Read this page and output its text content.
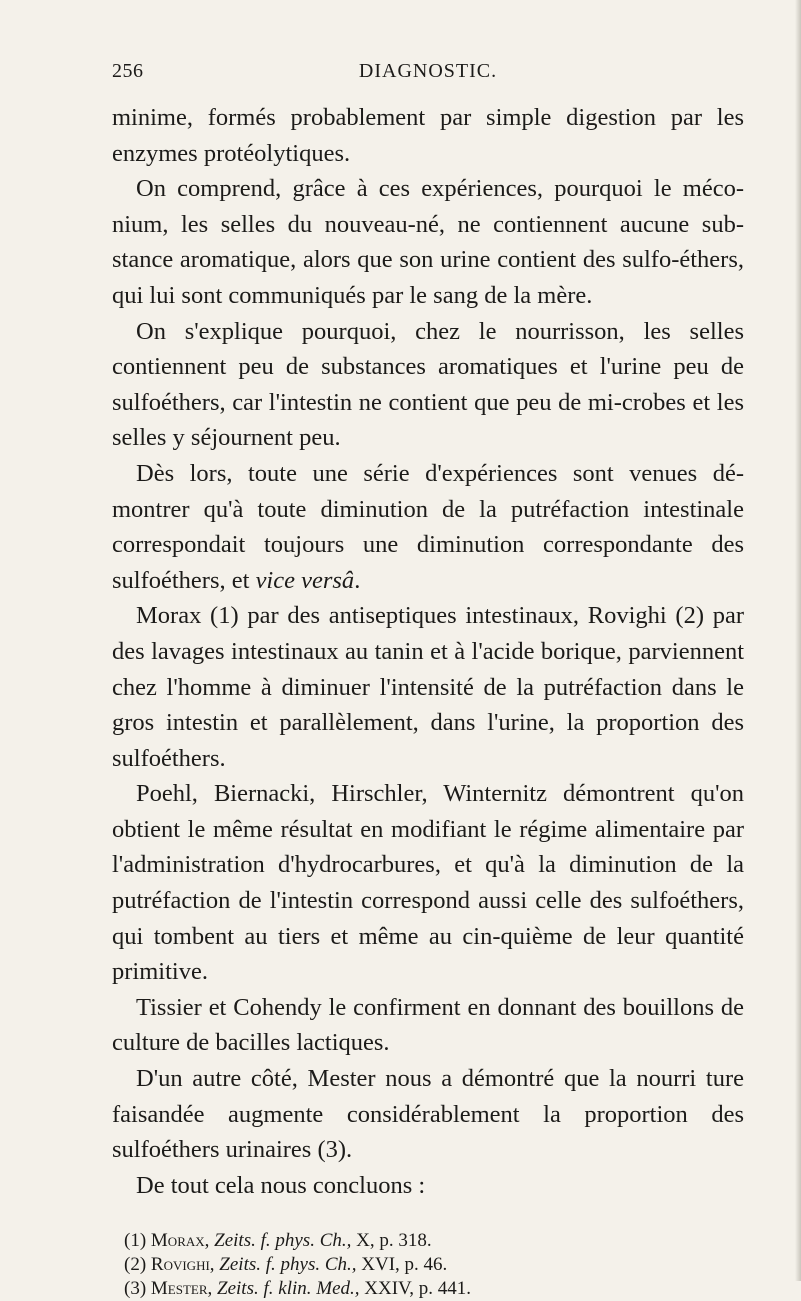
256	DIAGNOSTIC.

minime, formés probablement par simple digestion par les enzymes protéolytiques.

On comprend, grâce à ces expériences, pourquoi le méco-nium, les selles du nouveau-né, ne contiennent aucune sub-stance aromatique, alors que son urine contient des sulfo-éthers, qui lui sont communiqués par le sang de la mère.

On s'explique pourquoi, chez le nourrisson, les selles contiennent peu de substances aromatiques et l'urine peu de sulfoéthers, car l'intestin ne contient que peu de mi-crobes et les selles y séjournent peu.

Dès lors, toute une série d'expériences sont venues dé-montrer qu'à toute diminution de la putréfaction intestinale correspondait toujours une diminution correspondante des sulfoéthers, et vice versâ.

Morax (1) par des antiseptiques intestinaux, Rovighi (2) par des lavages intestinaux au tanin et à l'acide borique, parviennent chez l'homme à diminuer l'intensité de la putréfaction dans le gros intestin et parallèlement, dans l'urine, la proportion des sulfoéthers.

Poehl, Biernacki, Hirschler, Winternitz démontrent qu'on obtient le même résultat en modifiant le régime alimentaire par l'administration d'hydrocarbures, et qu'à la diminution de la putréfaction de l'intestin correspond aussi celle des sulfoéthers, qui tombent au tiers et même au cin-quième de leur quantité primitive.

Tissier et Cohendy le confirment en donnant des bouillons de culture de bacilles lactiques.

D'un autre côté, Mester nous a démontré que la nourri ture faisandée augmente considérablement la proportion des sulfoéthers urinaires (3).

De tout cela nous concluons :

(1) Morax, Zeits. f. phys. Ch., X, p. 318.

(2) Rovighi, Zeits. f. phys. Ch., XVI, p. 46.

(3) Mester, Zeits. f. klin. Med., XXIV, p. 441.
